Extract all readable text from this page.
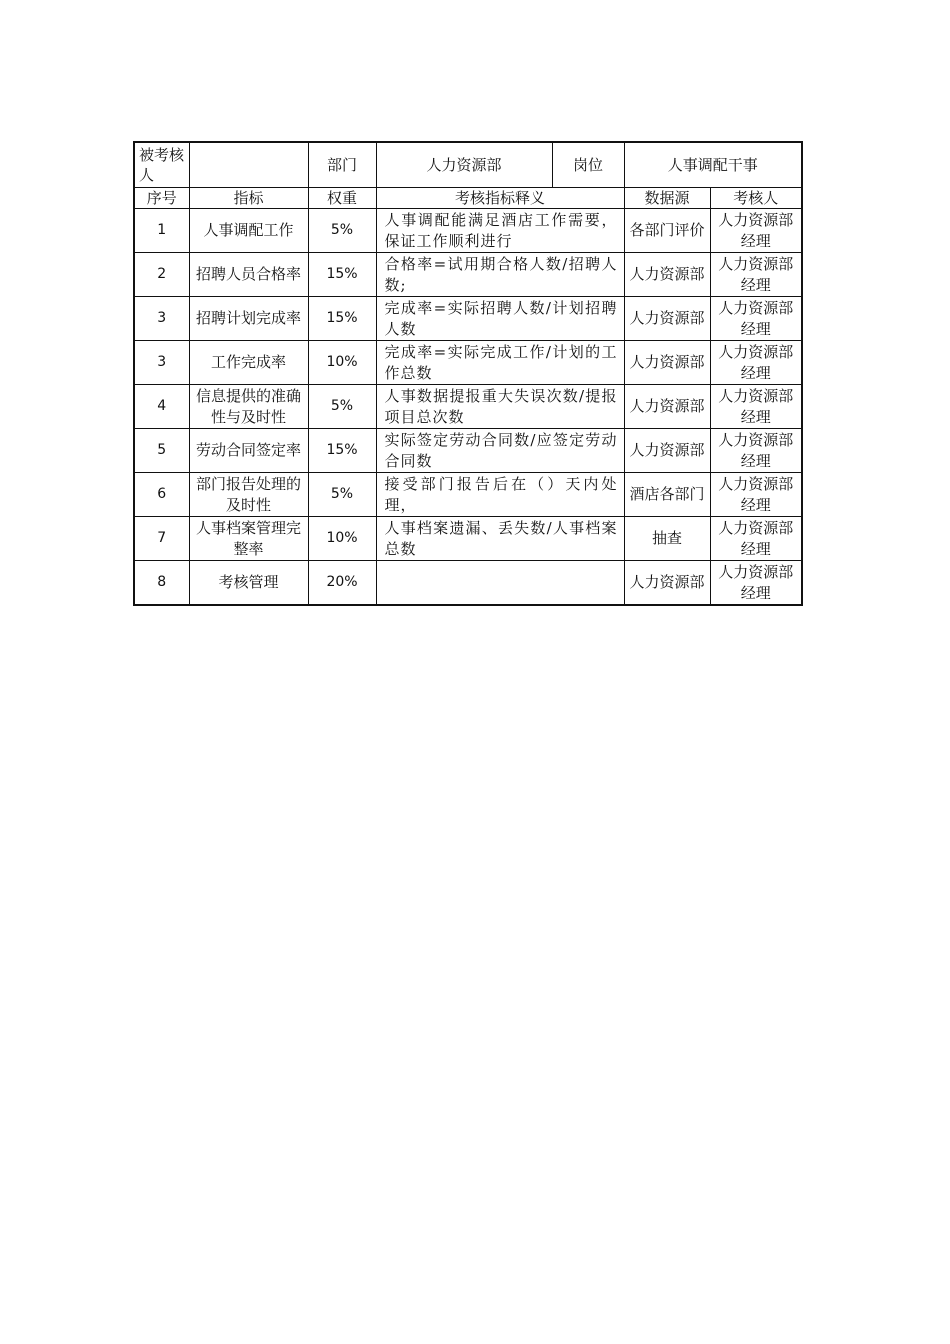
被考核人		部门	人力资源部	岗位	人事调配干事	
序号	指标	权重	考核指标释义		数据源	考核人
1	人事调配工作	5%	人事调配能满足酒店工作需要，保证工作顺利进行		各部门评价	人力资源部经理
2	招聘人员合格率	15%	合格率=试用期合格人数/招聘人数;		人力资源部	人力资源部经理
3	招聘计划完成率	15%	完成率=实际招聘人数/计划招聘人数		人力资源部	人力资源部经理
3	工作完成率	10%	完成率=实际完成工作/计划的工作总数		人力资源部	人力资源部经理
4	信息提供的准确性与及时性	5%	人事数据提报重大失误次数/提报项目总次数		人力资源部	人力资源部经理
5	劳动合同签定率	15%	实际签定劳动合同数/应签定劳动合同数		人力资源部	人力资源部经理
6	部门报告处理的及时性	5%	接受部门报告后在（）天内处理，		酒店各部门	人力资源部经理
7	人事档案管理完整率	10%	人事档案遗漏、丢失数/人事档案总数		抽查	人力资源部经理
8	考核管理	20%			人力资源部	人力资源部经理
